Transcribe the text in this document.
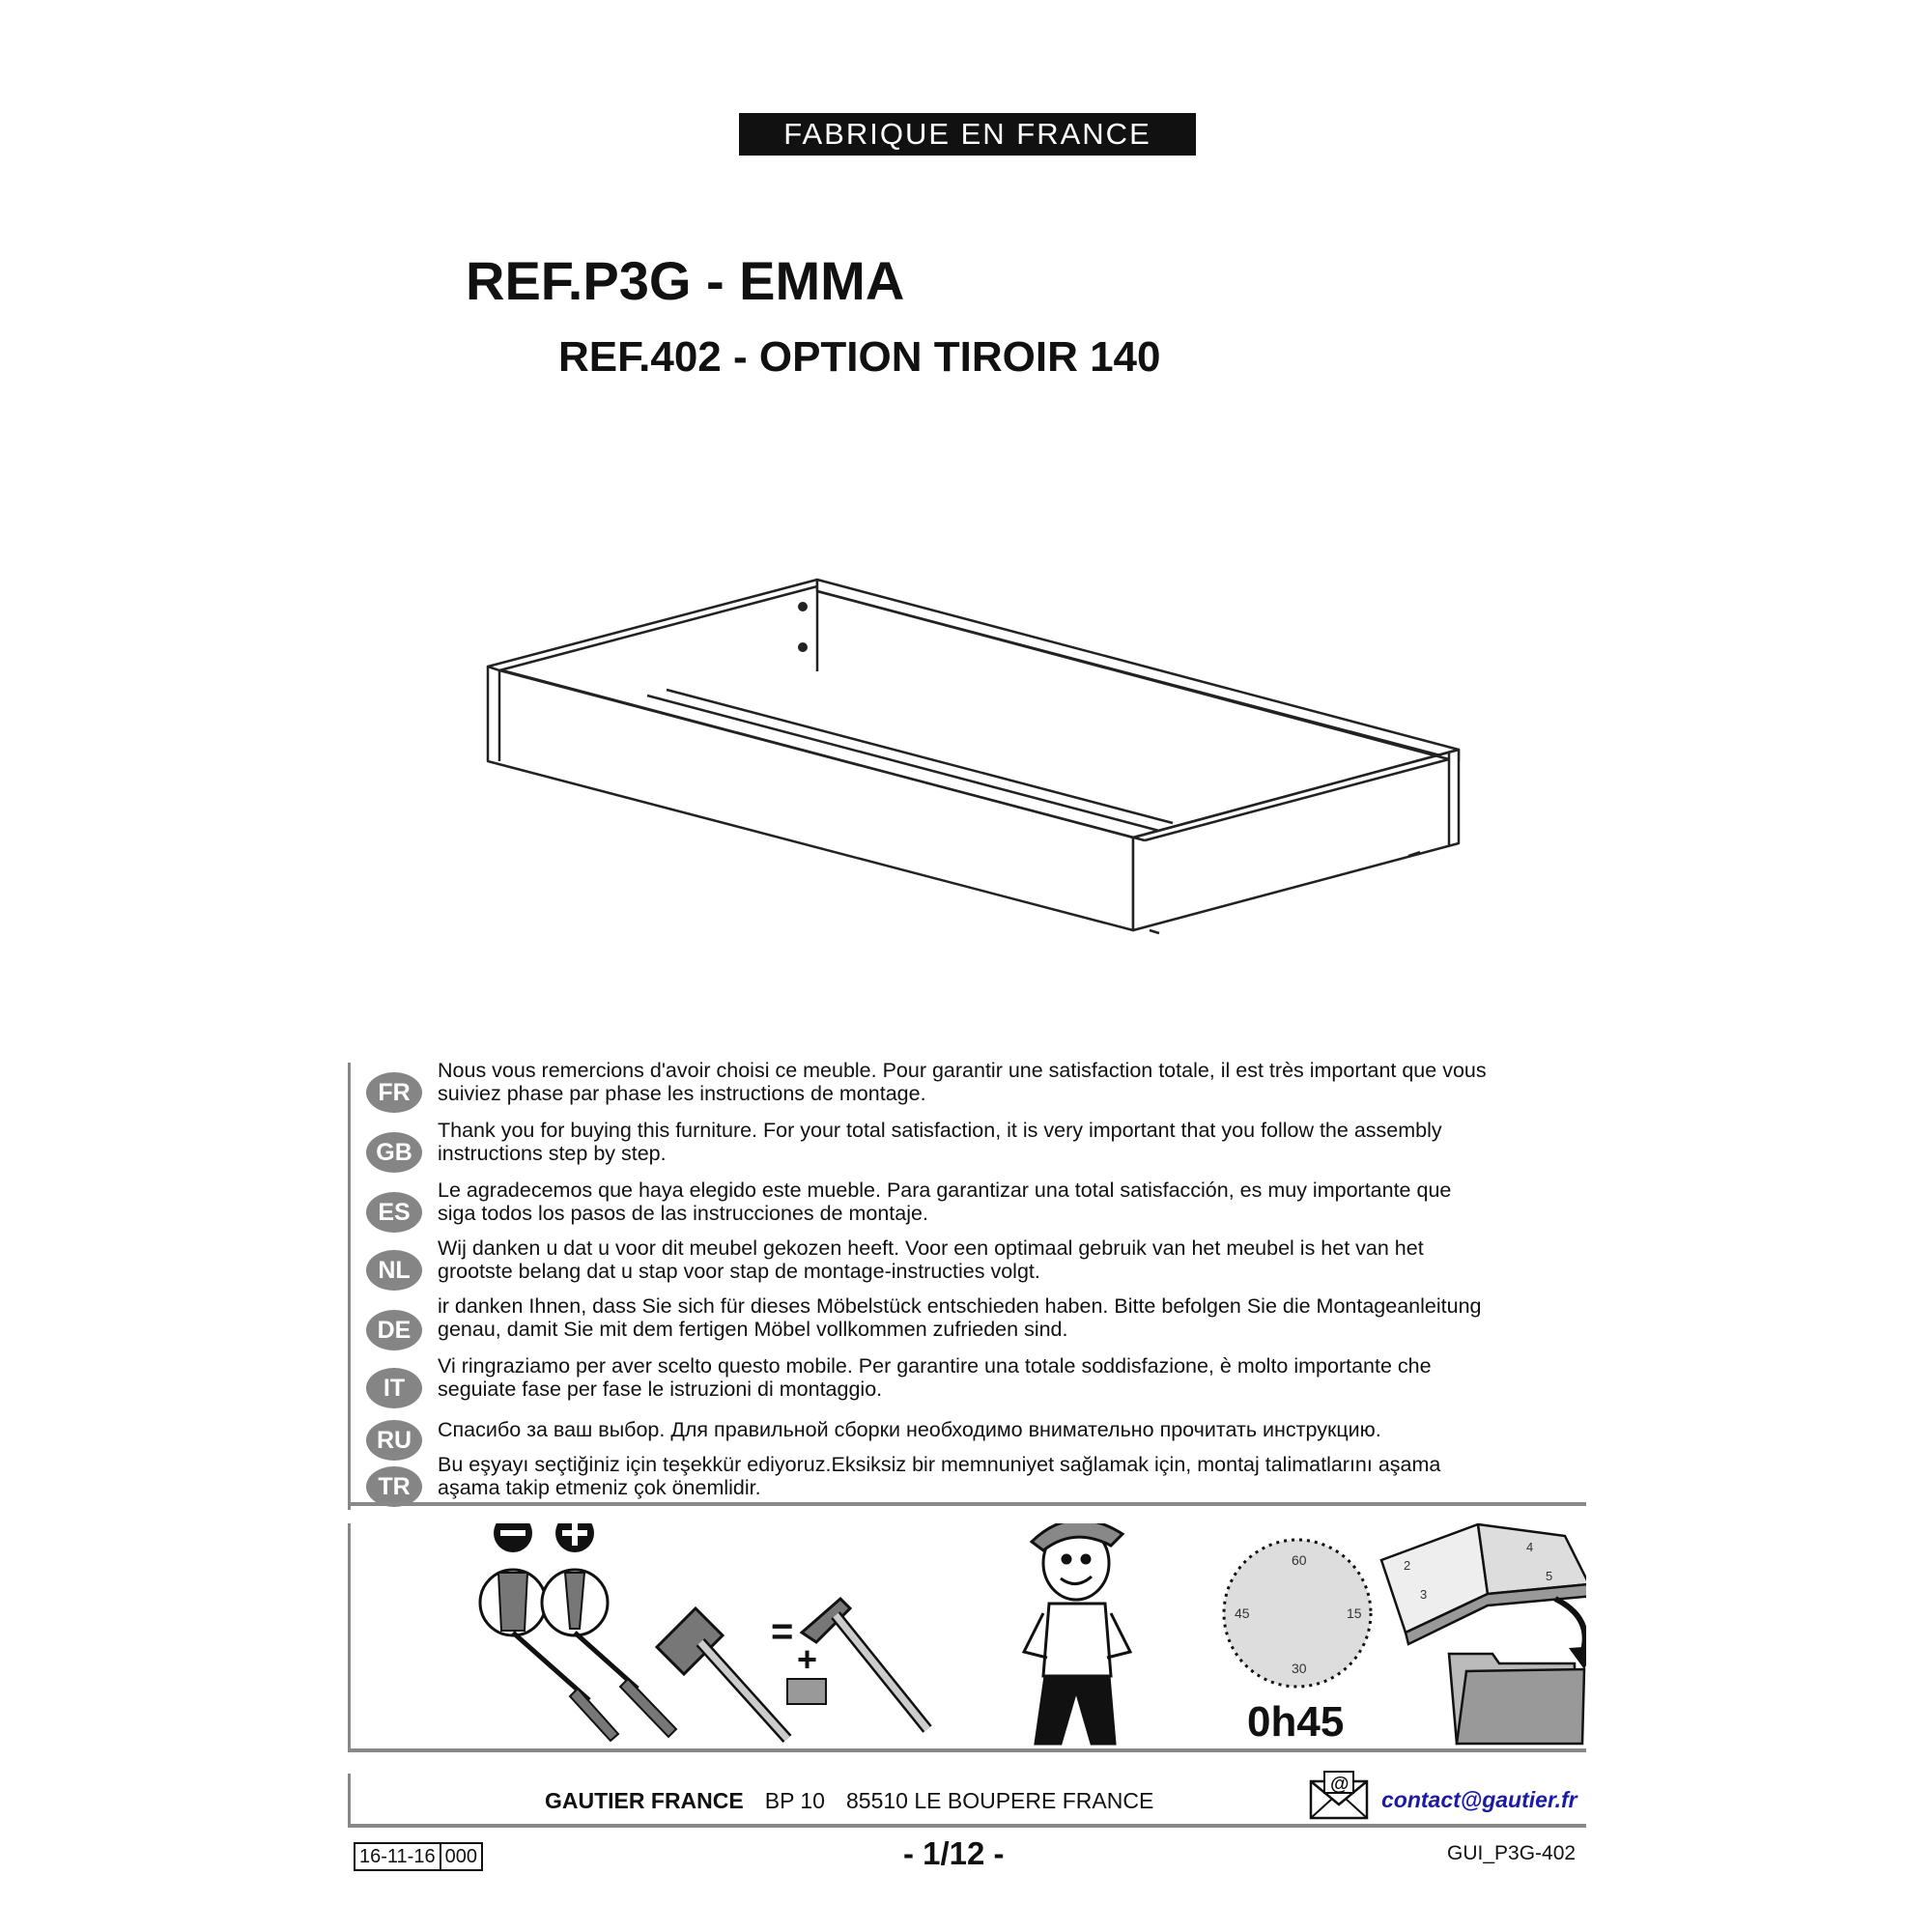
FABRIQUE EN FRANCE
REF.P3G - EMMA
REF.402 - OPTION TIROIR 140
FR
Nous vous remercions d'avoir choisi ce meuble. Pour garantir une satisfaction totale, il est très important que vous
suiviez phase par phase les instructions de montage.
GB
Thank you for buying this furniture. For your total satisfaction, it is very important that you follow the assembly
instructions step by step.
ES
Le agradecemos que haya elegido este mueble. Para garantizar una total satisfacción, es muy importante que
siga todos los pasos de las instrucciones de montaje.
NL
Wij danken u dat u voor dit meubel gekozen heeft. Voor een optimaal gebruik van het meubel is het van het
grootste belang dat u stap voor stap de montage-instructies volgt.
DE
ir danken Ihnen, dass Sie sich für dieses Möbelstück entschieden haben. Bitte befolgen Sie die Montageanleitung
genau, damit Sie mit dem fertigen Möbel vollkommen zufrieden sind.
IT
Vi ringraziamo per aver scelto questo mobile. Per garantire una totale soddisfazione, è molto importante che
seguiate fase per fase le istruzioni di montaggio.
RU	Спасибо за ваш выбор. Для правильной сборки необходимо внимательно прочитать инструкцию.
TR
Bu eşyayı seçtiğiniz için teşekkür ediyoruz.Eksiksiz bir memnuniyet sağlamak için, montaj talimatlarını aşama
aşama takip etmeniz çok önemlidir.
=
+
60
15
30
45
0h45
2
3
4
5
GAUTIER FRANCE BP 10 85510 LE BOUPERE FRANCE
@
contact@gautier.fr
16-11-16 000	- 1/12 -	GUI_P3G-402
